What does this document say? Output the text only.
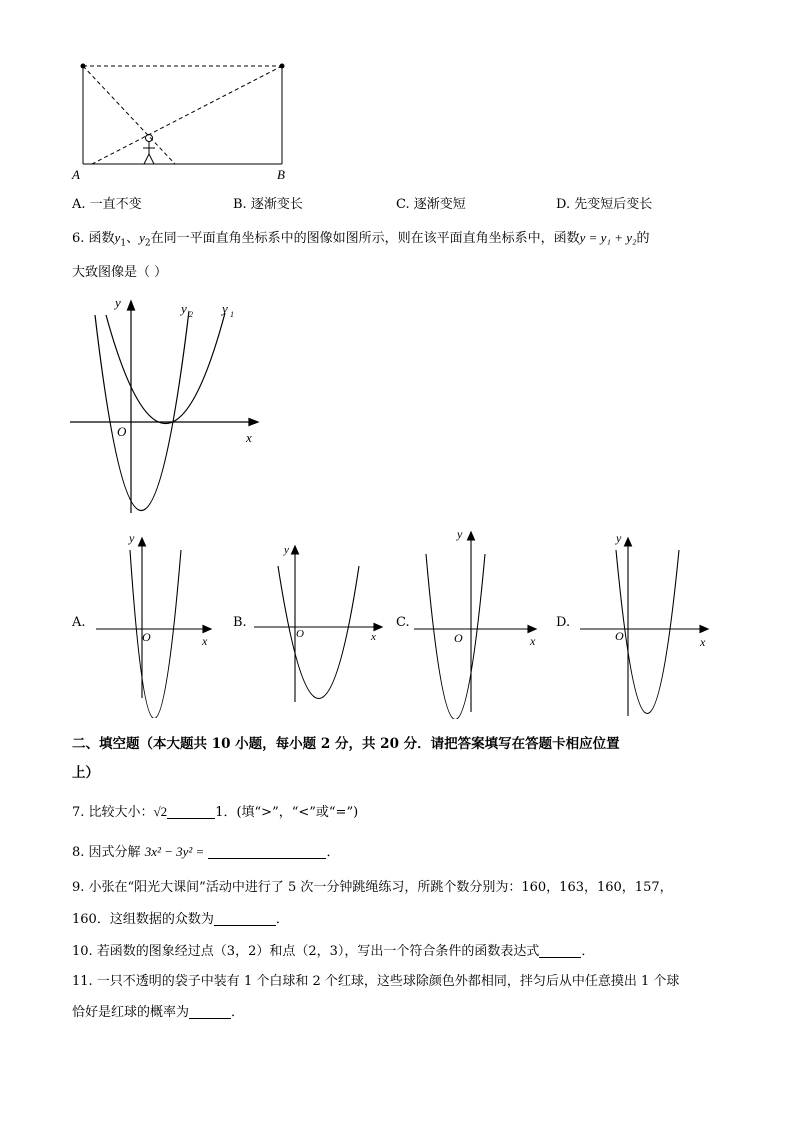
A	B
A. 一直不变	B. 逐渐变长	C. 逐渐变短	D. 先变短后变长
6. 函数$y_1$、$y_2$在同一平面直角坐标系中的图像如图所示，则在该平面直角坐标系中，函数y = y₁ + y₂的
大致图像是（ ）
y
x
O
y 2 y 1
A.
y
x
O
B.
y
x
O
C.
y
x
O
D.
y
x
O
二、填空题（本大题共 10 小题，每小题 2 分，共 20 分．请把答案填写在答题卡相应位置
上）
7. 比较大小：√2	1．(填“>”，“<”或“=”)
8. 因式分解 3x² − 3y² =	．
9. 小张在“阳光大课间”活动中进行了 5 次一分钟跳绳练习，所跳个数分别为：160，163，160，157，
160．这组数据的众数为	．
10. 若函数的图象经过点（3，2）和点（2，3），写出一个符合条件的函数表达式	．
11. 一只不透明的袋子中装有 1 个白球和 2 个红球，这些球除颜色外都相同，拌匀后从中任意摸出 1 个球
恰好是红球的概率为	．
